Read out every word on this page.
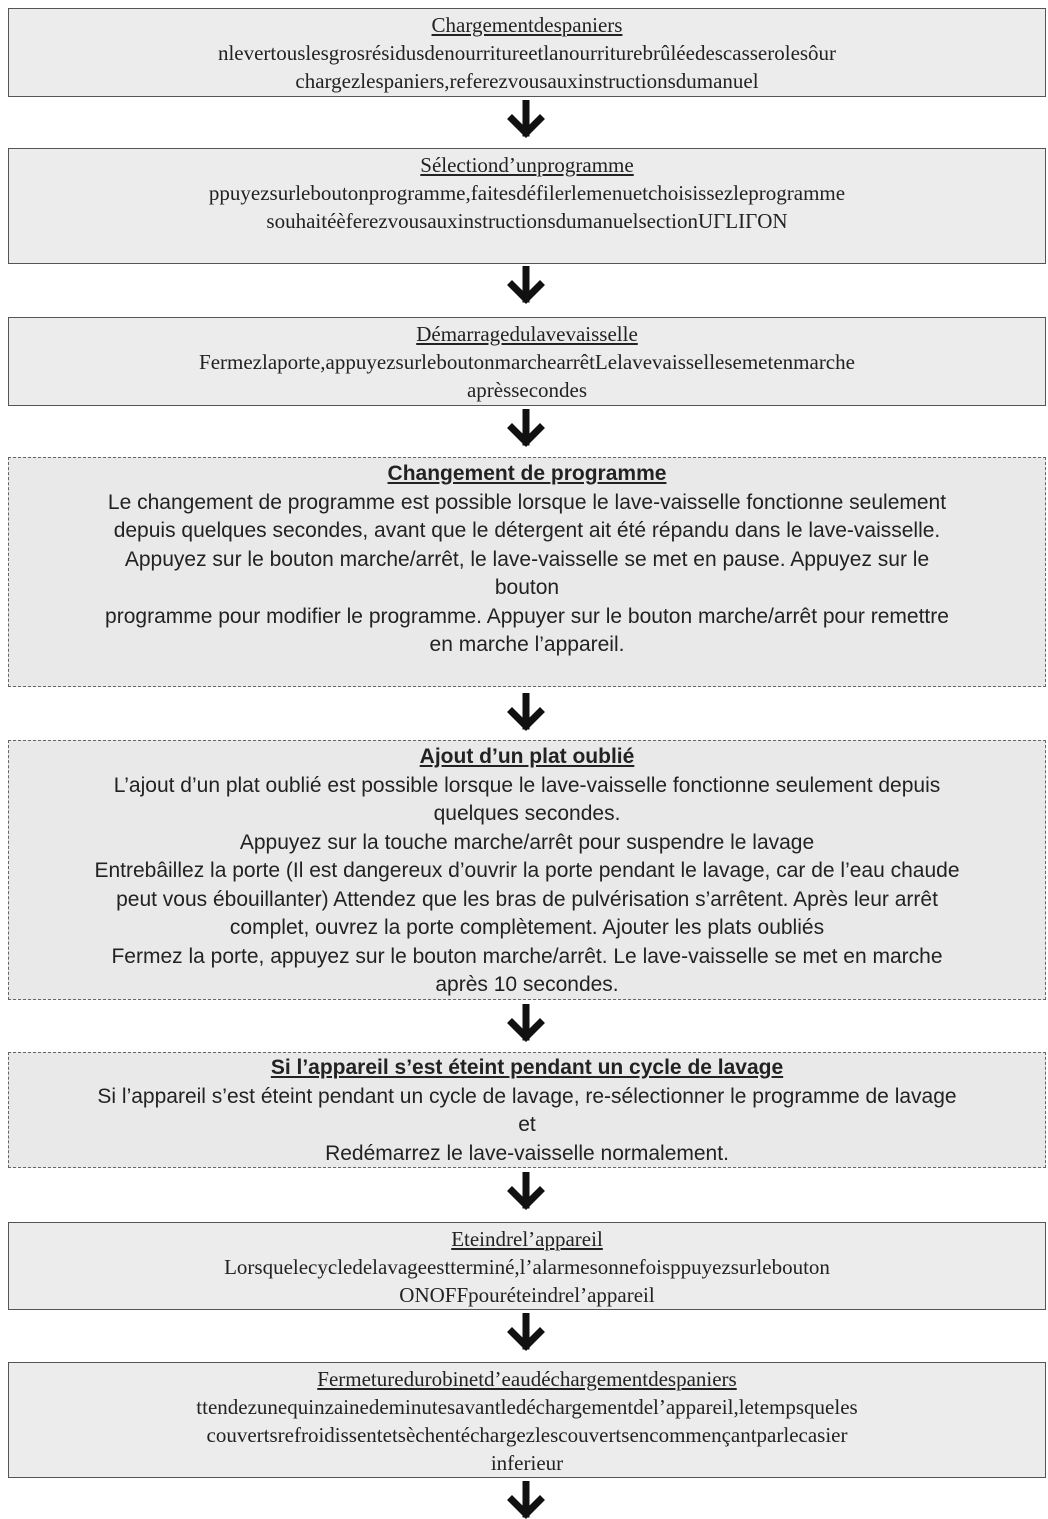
Chargementdespaniers
nlevertouslesgrosrésidusdenourritureetlanourriturebrûléedescasserolesôur
chargezlespaniers,referezvousauxinstructionsdumanuel
Sélectiond’unprogramme
ppuyezsurleboutonprogramme,faitesdéfilerlemenuetchoisissezleprogramme
souhaitéèferezvousauxinstructionsdumanuelsectionUΓLIΓON
Démarragedulavevaisselle
Fermezlaporte,appuyezsurleboutonmarchearrêtLelavevaissellesemetenmarche
aprèssecondes
Changement de programme
Le changement de programme est possible lorsque le lave-vaisselle fonctionne seulement
depuis quelques secondes, avant que le détergent ait été répandu dans le lave-vaisselle.
Appuyez sur le bouton marche/arrêt, le lave-vaisselle se met en pause. Appuyez sur le
bouton
programme pour modifier le programme. Appuyer sur le bouton marche/arrêt pour remettre
en marche l’appareil.
Ajout d’un plat oublié
L’ajout d’un plat oublié est possible lorsque le lave-vaisselle fonctionne seulement depuis
quelques secondes.
Appuyez sur la touche marche/arrêt pour suspendre le lavage
Entrebâillez la porte (Il est dangereux d’ouvrir la porte pendant le lavage, car de l’eau chaude
peut vous ébouillanter) Attendez que les bras de pulvérisation s’arrêtent. Après leur arrêt
complet, ouvrez la porte complètement. Ajouter les plats oubliés
Fermez la porte, appuyez sur le bouton marche/arrêt. Le lave-vaisselle se met en marche
après 10 secondes.
Si l’appareil s’est éteint pendant un cycle de lavage
Si l’appareil s’est éteint pendant un cycle de lavage, re-sélectionner le programme de lavage
et
Redémarrez le lave-vaisselle normalement.
Eteindrel’appareil
Lorsquelecycledelavageestterminé,l’alarmesonnefoisppuyezsurlebouton
ONOFFpouréteindrel’appareil
Fermeturedurobinetd’eaudéchargementdespaniers
ttendezunequinzainedeminutesavantledéchargementdel’appareil,letempsqueles
couvertsrefroidissentetsèchentéchargezlescouvertsencommençantparlecasier
inferieur
